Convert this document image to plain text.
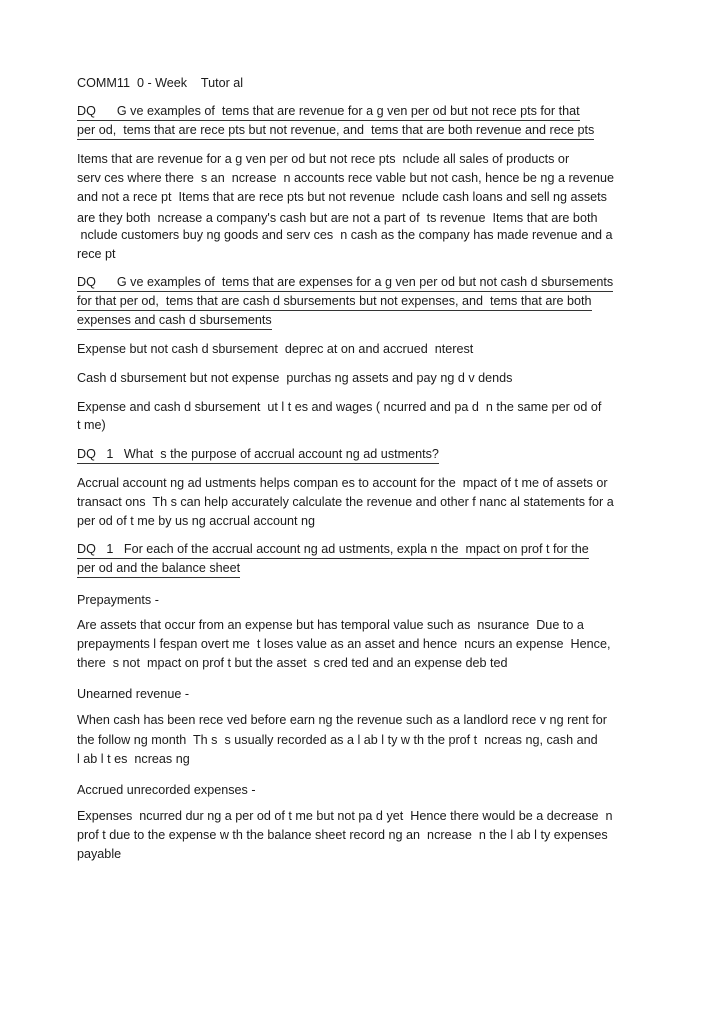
COMM11  0 - Week    Tutor al
DQ      G ve examples of  tems that are revenue for a g ven per od but not rece pts for that
per od,  tems that are rece pts but not revenue, and  tems that are both revenue and rece pts
Items that are revenue for a g ven per od but not rece pts  nclude all sales of products or
serv ces where there  s an  ncrease  n accounts rece vable but not cash, hence be ng a revenue
and not a rece pt  Items that are rece pts but not revenue  nclude cash loans and sell ng assets
are they both  ncrease a company's cash but are not a part of  ts revenue  Items that are both
nclude customers buy ng goods and serv ces  n cash as the company has made revenue and a
rece pt
DQ      G ve examples of  tems that are expenses for a g ven per od but not cash d sbursements
for that per od,  tems that are cash d sbursements but not expenses, and  tems that are both
expenses and cash d sbursements
Expense but not cash d sbursement  deprec at on and accrued  nterest
Cash d sbursement but not expense  purchas ng assets and pay ng d v dends
Expense and cash d sbursement  ut l t es and wages ( ncurred and pa d  n the same per od of
t me)
DQ   1   What  s the purpose of accrual account ng ad ustments?
Accrual account ng ad ustments helps compan es to account for the  mpact of t me of assets or
transact ons  Th s can help accurately calculate the revenue and other f nanc al statements for a
per od of t me by us ng accrual account ng
DQ   1   For each of the accrual account ng ad ustments, expla n the  mpact on prof t for the
per od and the balance sheet
Prepayments -
Are assets that occur from an expense but has temporal value such as  nsurance  Due to a
prepayments l fespan overt me  t loses value as an asset and hence  ncurs an expense  Hence,
there  s not  mpact on prof t but the asset  s cred ted and an expense deb ted
Unearned revenue -
When cash has been rece ved before earn ng the revenue such as a landlord rece v ng rent for
the follow ng month  Th s  s usually recorded as a l ab l ty w th the prof t  ncreas ng, cash and
l ab l t es  ncreas ng
Accrued unrecorded expenses -
Expenses  ncurred dur ng a per od of t me but not pa d yet  Hence there would be a decrease  n
prof t due to the expense w th the balance sheet record ng an  ncrease  n the l ab l ty expenses
payable
